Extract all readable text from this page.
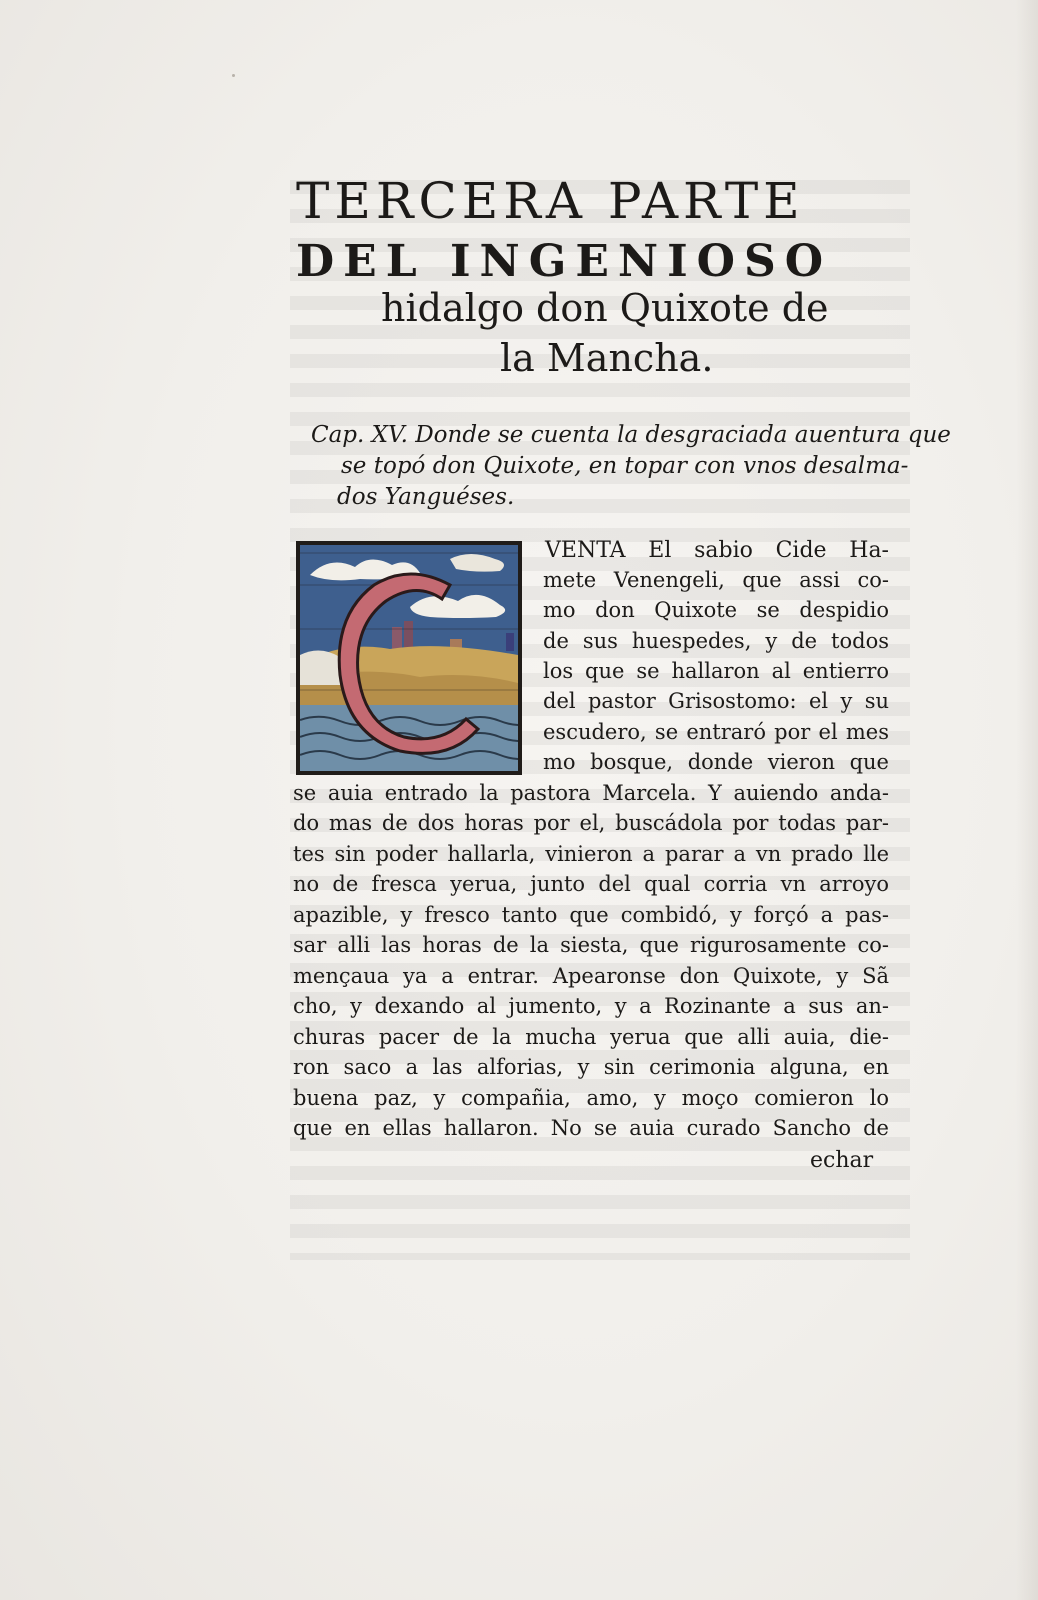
TERCERA PARTE
DEL INGENIOSO
hidalgo don Quixote de
la Mancha.
Cap. XV. Donde se cuenta la desgraciada auentura que
se topó don Quixote, en topar con vnos desalma-
dos Yanguéses.
VENTA El sabio Cide Ha-
mete Venengeli, que assi co-
mo don Quixote se despidio
de sus huespedes, y de todos
los que se hallaron al entierro
del pastor Grisostomo: el y su
escudero, se entraró por el mes
mo bosque, donde vieron que
se auia entrado la pastora Marcela. Y auiendo anda-
do mas de dos horas por el, buscádola por todas par-
tes sin poder hallarla, vinieron a parar a vn prado lle
no de fresca yerua, junto del qual corria vn arroyo
apazible, y fresco tanto que combidó, y forçó a pas-
sar alli las horas de la siesta, que rigurosamente co-
mençaua ya a entrar. Apearonse don Quixote, y Sã
cho, y dexando al jumento, y a Rozinante a sus an-
churas pacer de la mucha yerua que alli auia, die-
ron saco a las alforias, y sin cerimonia alguna, en
buena paz, y compañia, amo, y moço comieron lo
que en ellas hallaron. No se auia curado Sancho de
echar
